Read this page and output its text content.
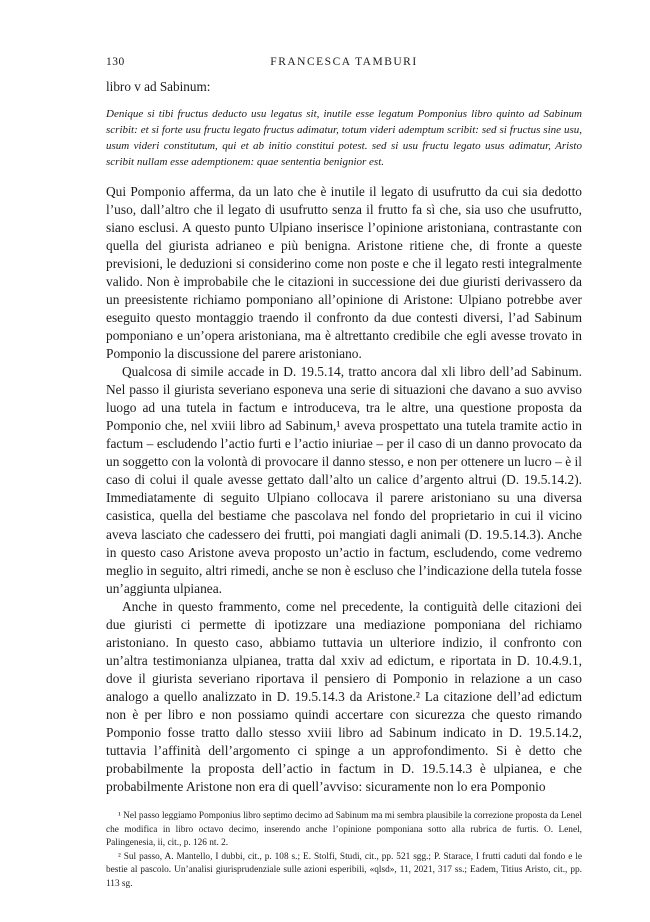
130	FRANCESCA TAMBURI
libro v ad Sabinum:
Denique si tibi fructus deducto usu legatus sit, inutile esse legatum Pomponius libro quinto ad Sabinum scribit: et si forte usu fructu legato fructus adimatur, totum videri ademptum scribit: sed si fructus sine usu, usum videri constitutum, qui et ab initio constitui potest. sed si usu fructu legato usus adimatur, Aristo scribit nullam esse ademptionem: quae sententia benignior est.

Qui Pomponio afferma, da un lato che è inutile il legato di usufrutto da cui sia dedotto l’uso, dall’altro che il legato di usufrutto senza il frutto fa sì che, sia uso che usufrutto, siano esclusi. A questo punto Ulpiano inserisce l’opinione aristoniana, contrastante con quella del giurista adrianeo e più benigna. Aristone ritiene che, di fronte a queste previsioni, le deduzioni si considerino come non poste e che il legato resti integralmente valido. Non è improbabile che le citazioni in successione dei due giuristi derivassero da un preesistente richiamo pomponiano all’opinione di Aristone: Ulpiano potrebbe aver eseguito questo montaggio traendo il confronto da due contesti diversi, l’ad Sabinum pomponiano e un’opera aristoniana, ma è altrettanto credibile che egli avesse trovato in Pomponio la discussione del parere aristoniano.

Qualcosa di simile accade in D. 19.5.14, tratto ancora dal xli libro dell’ad Sabinum. Nel passo il giurista severiano esponeva una serie di situazioni che davano a suo avviso luogo ad una tutela in factum e introduceva, tra le altre, una questione proposta da Pomponio che, nel xviii libro ad Sabinum,¹ aveva prospettato una tutela tramite actio in factum – escludendo l’actio furti e l’actio iniuriae – per il caso di un danno provocato da un soggetto con la volontà di provocare il danno stesso, e non per ottenere un lucro – è il caso di colui il quale avesse gettato dall’alto un calice d’argento altrui (D. 19.5.14.2). Immediatamente di seguito Ulpiano collocava il parere aristoniano su una diversa casistica, quella del bestiame che pascolava nel fondo del proprietario in cui il vicino aveva lasciato che cadessero dei frutti, poi mangiati dagli animali (D. 19.5.14.3). Anche in questo caso Aristone aveva proposto un’actio in factum, escludendo, come vedremo meglio in seguito, altri rimedi, anche se non è escluso che l’indicazione della tutela fosse un’aggiunta ulpianea.

Anche in questo frammento, come nel precedente, la contiguità delle citazioni dei due giuristi ci permette di ipotizzare una mediazione pomponiana del richiamo aristoniano. In questo caso, abbiamo tuttavia un ulteriore indizio, il confronto con un’altra testimonianza ulpianea, tratta dal xxiv ad edictum, e riportata in D. 10.4.9.1, dove il giurista severiano riportava il pensiero di Pomponio in relazione a un caso analogo a quello analizzato in D. 19.5.14.3 da Aristone.² La citazione dell’ad edictum non è per libro e non possiamo quindi accertare con sicurezza che questo rimando Pomponio fosse tratto dallo stesso xviii libro ad Sabinum indicato in D. 19.5.14.2, tuttavia l’affinità dell’argomento ci spinge a un approfondimento. Si è detto che probabilmente la proposta dell’actio in factum in D. 19.5.14.3 è ulpianea, e che probabilmente Aristone non era di quell’avviso: sicuramente non lo era Pomponio

¹ Nel passo leggiamo Pomponius libro septimo decimo ad Sabinum ma mi sembra plausibile la correzione proposta da Lenel che modifica in libro octavo decimo, inserendo anche l’opinione pomponiana sotto alla rubrica de furtis. O. Lenel, Palingenesia, ii, cit., p. 126 nt. 2.

² Sul passo, A. Mantello, I dubbi, cit., p. 108 s.; E. Stolfi, Studi, cit., pp. 521 sgg.; P. Starace, I frutti caduti dal fondo e le bestie al pascolo. Un’analisi giurisprudenziale sulle azioni esperibili, «qlsd», 11, 2021, 317 ss.; Eadem, Titius Aristo, cit., pp. 113 sg.
